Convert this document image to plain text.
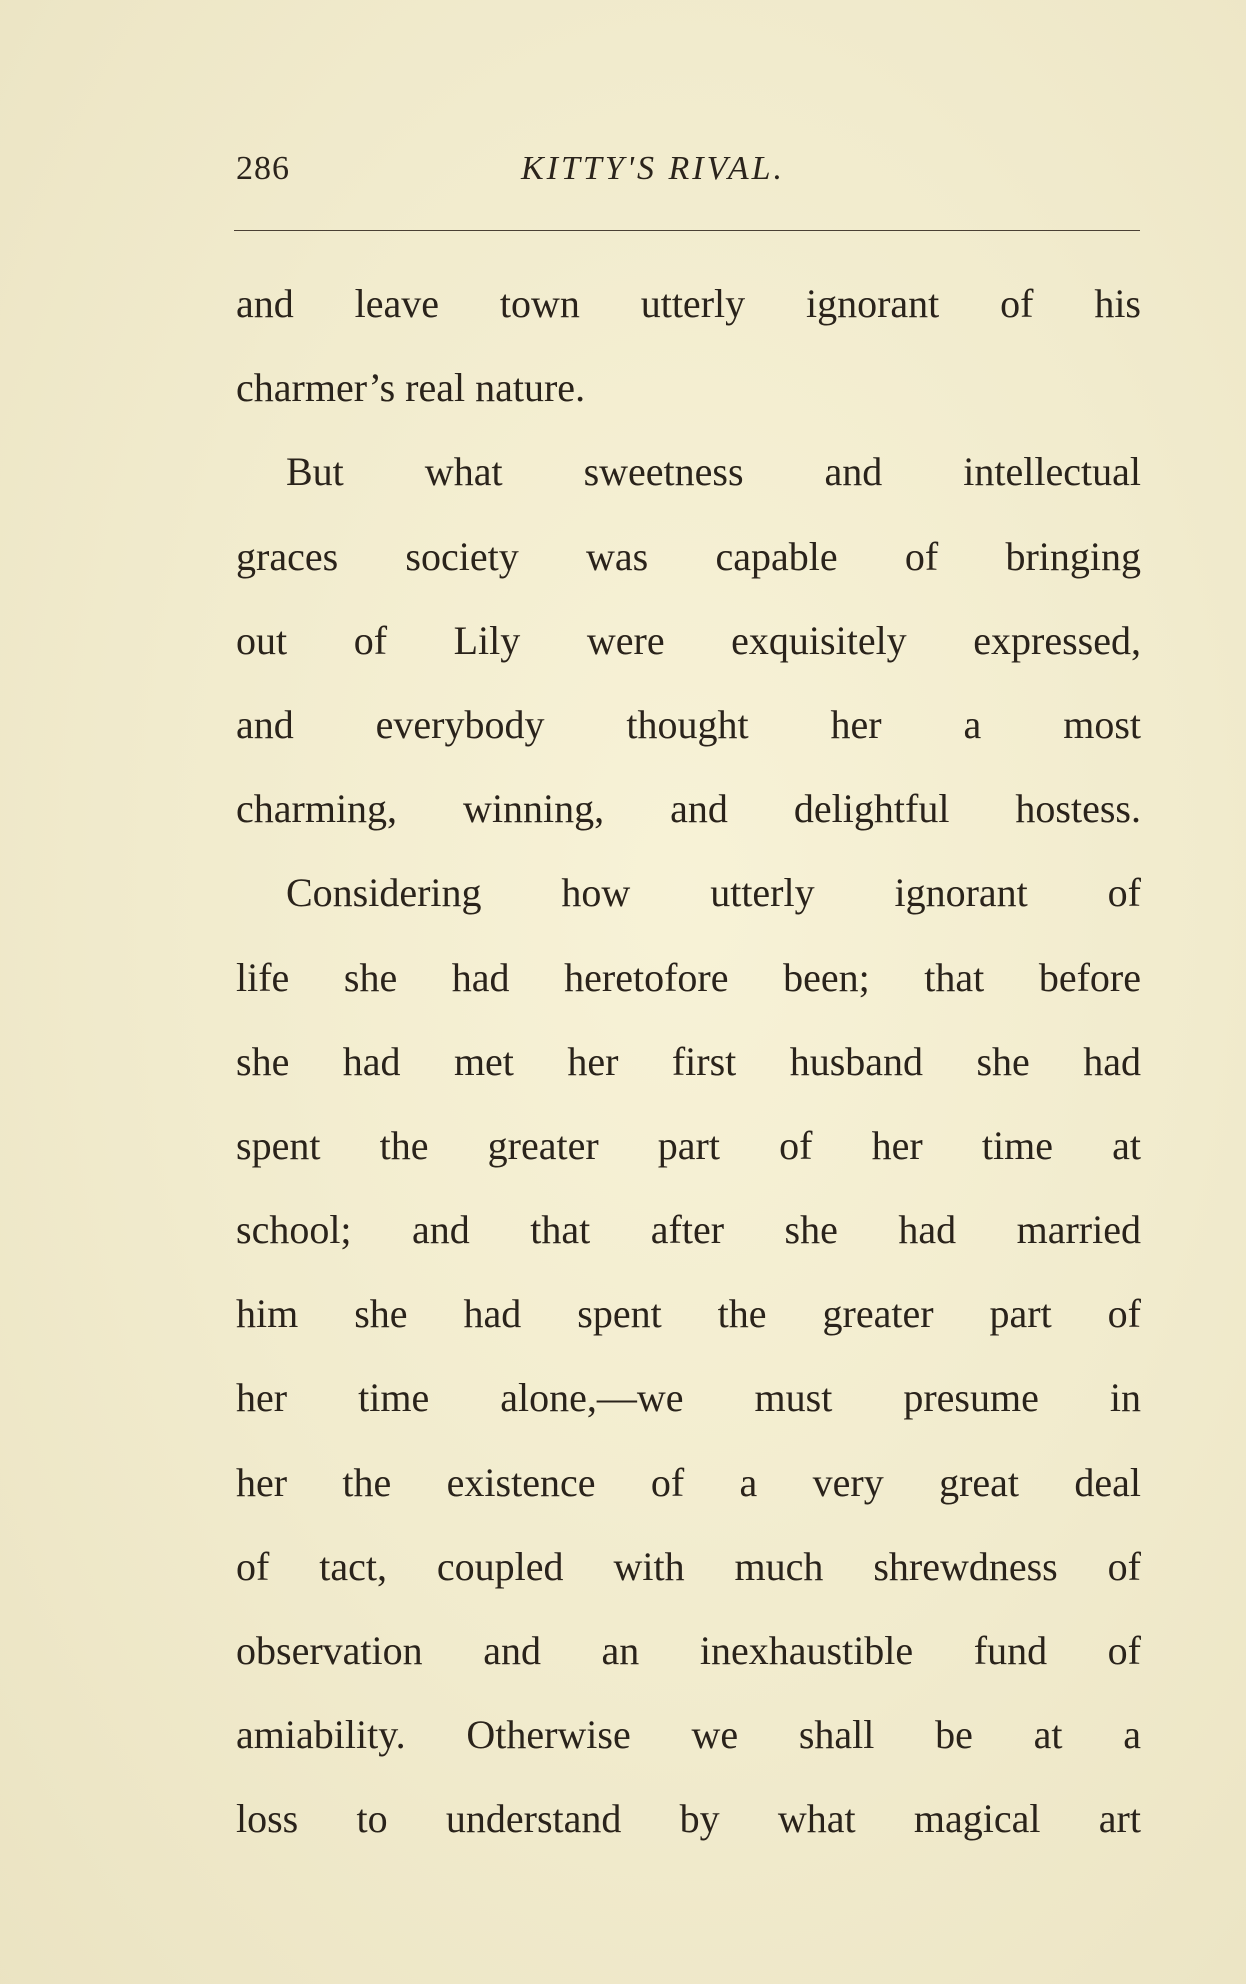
286	KITTY'S RIVAL.
and leave town utterly ignorant of his
charmer’s real nature.
But what sweetness and intellectual
graces society was capable of bringing
out of Lily were exquisitely expressed,
and everybody thought her a most
charming, winning, and delightful hostess.
Considering how utterly ignorant of
life she had heretofore been; that before
she had met her first husband she had
spent the greater part of her time at
school; and that after she had married
him she had spent the greater part of
her time alone,—we must presume in
her the existence of a very great deal
of tact, coupled with much shrewdness of
observation and an inexhaustible fund of
amiability. Otherwise we shall be at a
loss to understand by what magical art
